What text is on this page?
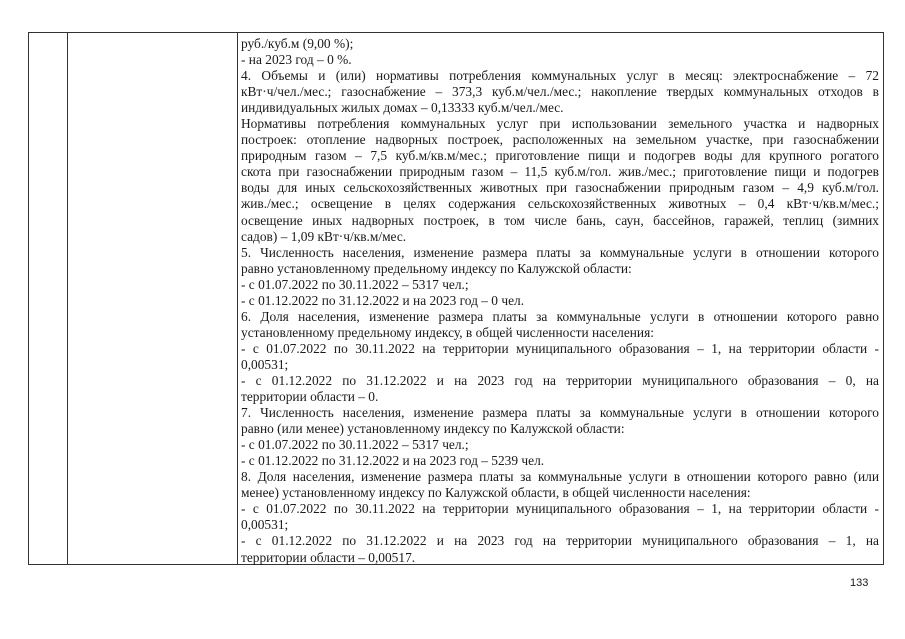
руб./куб.м (9,00 %);
- на 2023 год – 0 %.
4. Объемы и (или) нормативы потребления коммунальных услуг в месяц: электроснабжение – 72
кВт·ч/чел./мес.; газоснабжение – 373,3 куб.м/чел./мес.; накопление твердых коммунальных отходов в
индивидуальных жилых домах – 0,13333 куб.м/чел./мес.
Нормативы потребления коммунальных услуг при использовании земельного участка и надворных
построек: отопление надворных построек, расположенных на земельном участке, при газоснабжении
природным газом – 7,5 куб.м/кв.м/мес.; приготовление пищи и подогрев воды для крупного рогатого
скота при газоснабжении природным газом – 11,5 куб.м/гол. жив./мес.; приготовление пищи и подогрев
воды для иных сельскохозяйственных животных при газоснабжении природным газом – 4,9 куб.м/гол.
жив./мес.; освещение в целях содержания сельскохозяйственных животных – 0,4 кВт·ч/кв.м/мес.;
освещение иных надворных построек, в том числе бань, саун, бассейнов, гаражей, теплиц (зимних
садов) – 1,09 кВт·ч/кв.м/мес.
5. Численность населения, изменение размера платы за коммунальные услуги в отношении которого
равно установленному предельному индексу по Калужской области:
- с 01.07.2022 по 30.11.2022 – 5317 чел.;
- с 01.12.2022 по 31.12.2022 и на 2023 год – 0 чел.
6. Доля населения, изменение размера платы за коммунальные услуги в отношении которого равно
установленному предельному индексу, в общей численности населения:
- с 01.07.2022 по 30.11.2022 на территории муниципального образования – 1, на территории области -
0,00531;
- с 01.12.2022 по 31.12.2022 и на 2023 год на территории муниципального образования – 0, на
территории области – 0.
7. Численность населения, изменение размера платы за коммунальные услуги в отношении которого
равно (или менее) установленному индексу по Калужской области:
- с 01.07.2022 по 30.11.2022 – 5317 чел.;
- с 01.12.2022 по 31.12.2022 и на 2023 год – 5239 чел.
8. Доля населения, изменение размера платы за коммунальные услуги в отношении которого равно (или
менее) установленному индексу по Калужской области, в общей численности населения:
- с 01.07.2022 по 30.11.2022 на территории муниципального образования – 1, на территории области -
0,00531;
- с 01.12.2022 по 31.12.2022 и на 2023 год на территории муниципального образования – 1, на
территории области – 0,00517.
133
